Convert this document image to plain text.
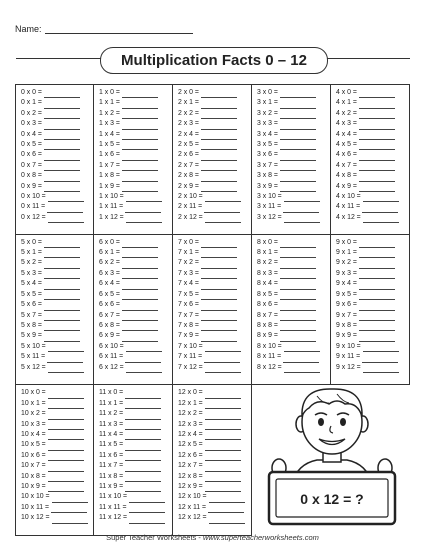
Name:
Multiplication Facts 0 – 12
0 x 0 =
0 x 1 =
0 x 2 =
0 x 3 =
0 x 4 =
0 x 5 =
0 x 6 =
0 x 7 =
0 x 8 =
0 x 9 =
0 x 10 =
0 x 11 =
0 x 12 =
1 x 0 =
1 x 1 =
1 x 2 =
1 x 3 =
1 x 4 =
1 x 5 =
1 x 6 =
1 x 7 =
1 x 8 =
1 x 9 =
1 x 10 =
1 x 11 =
1 x 12 =
2 x 0 =
2 x 1 =
2 x 2 =
2 x 3 =
2 x 4 =
2 x 5 =
2 x 6 =
2 x 7 =
2 x 8 =
2 x 9 =
2 x 10 =
2 x 11 =
2 x 12 =
3 x 0 =
3 x 1 =
3 x 2 =
3 x 3 =
3 x 4 =
3 x 5 =
3 x 6 =
3 x 7 =
3 x 8 =
3 x 9 =
3 x 10 =
3 x 11 =
3 x 12 =
4 x 0 =
4 x 1 =
4 x 2 =
4 x 3 =
4 x 4 =
4 x 5 =
4 x 6 =
4 x 7 =
4 x 8 =
4 x 9 =
4 x 10 =
4 x 11 =
4 x 12 =
5 x 0 =
5 x 1 =
5 x 2 =
5 x 3 =
5 x 4 =
5 x 5 =
5 x 6 =
5 x 7 =
5 x 8 =
5 x 9 =
5 x 10 =
5 x 11 =
5 x 12 =
6 x 0 =
6 x 1 =
6 x 2 =
6 x 3 =
6 x 4 =
6 x 5 =
6 x 6 =
6 x 7 =
6 x 8 =
6 x 9 =
6 x 10 =
6 x 11 =
6 x 12 =
7 x 0 =
7 x 1 =
7 x 2 =
7 x 3 =
7 x 4 =
7 x 5 =
7 x 6 =
7 x 7 =
7 x 8 =
7 x 9 =
7 x 10 =
7 x 11 =
7 x 12 =
8 x 0 =
8 x 1 =
8 x 2 =
8 x 3 =
8 x 4 =
8 x 5 =
8 x 6 =
8 x 7 =
8 x 8 =
8 x 9 =
8 x 10 =
8 x 11 =
8 x 12 =
9 x 0 =
9 x 1 =
9 x 2 =
9 x 3 =
9 x 4 =
9 x 5 =
9 x 6 =
9 x 7 =
9 x 8 =
9 x 9 =
9 x 10 =
9 x 11 =
9 x 12 =
10 x 0 =
10 x 1 =
10 x 2 =
10 x 3 =
10 x 4 =
10 x 5 =
10 x 6 =
10 x 7 =
10 x 8 =
10 x 9 =
10 x 10 =
10 x 11 =
10 x 12 =
11 x 0 =
11 x 1 =
11 x 2 =
11 x 3 =
11 x 4 =
11 x 5 =
11 x 6 =
11 x 7 =
11 x 8 =
11 x 9 =
11 x 10 =
11 x 11 =
11 x 12 =
12 x 0 =
12 x 1 =
12 x 2 =
12 x 3 =
12 x 4 =
12 x 5 =
12 x 6 =
12 x 7 =
12 x 8 =
12 x 9 =
12 x 10 =
12 x 11 =
12 x 12 =
0 x 12 = ?
Super Teacher Worksheets - www.superteacherworksheets.com
